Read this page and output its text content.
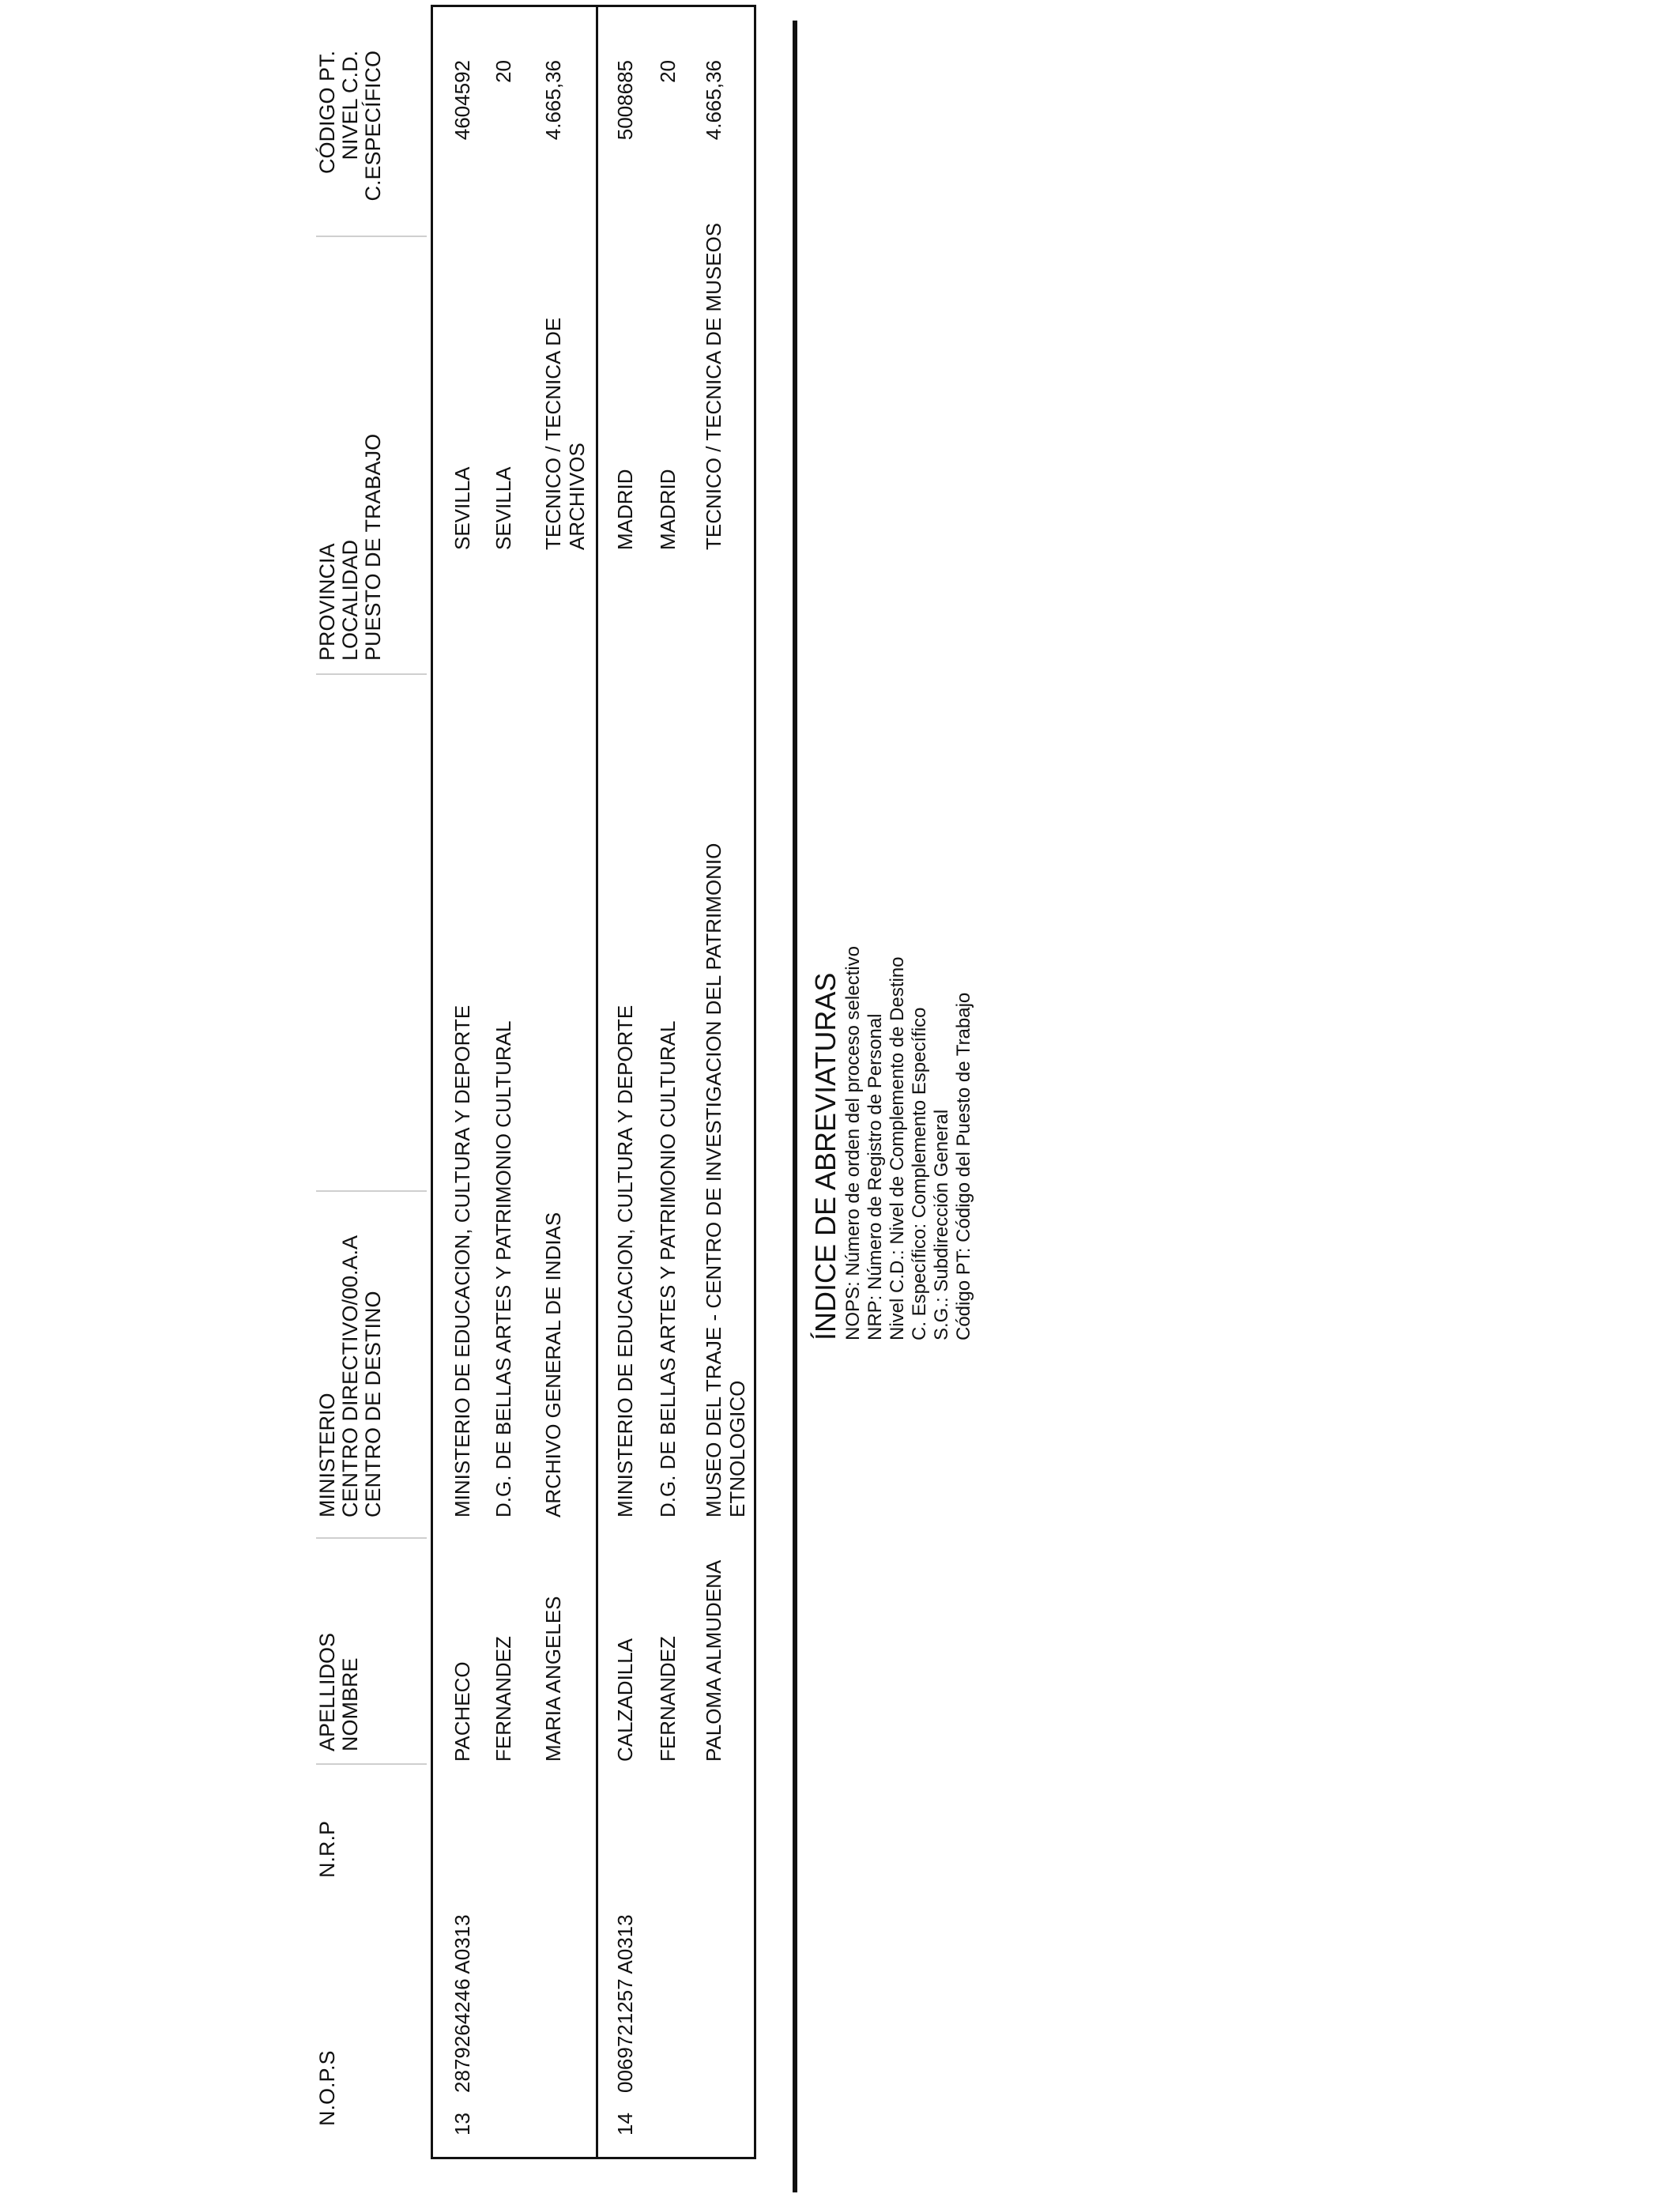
N.O.P.S
N.R.P
APELLIDOS NOMBRE
MINISTERIO CENTRO DIRECTIVO/00.A.A CENTRO DE DESTINO
PROVINCIA LOCALIDAD PUESTO DE TRABAJO
CÓDIGO PT. NIVEL C.D. C.ESPECÍFICO
13
2879264246 A0313
PACHECO FERNANDEZ MARIA ANGELES
MINISTERIO DE EDUCACION, CULTURA Y DEPORTE D.G. DE BELLAS ARTES Y PATRIMONIO CULTURAL ARCHIVO GENERAL DE INDIAS
SEVILLA SEVILLA TECNICO / TECNICA DE ARCHIVOS
4604592 20 4.665,36
14
0069721257 A0313
CALZADILLA FERNANDEZ PALOMA ALMUDENA
MINISTERIO DE EDUCACION, CULTURA Y DEPORTE D.G. DE BELLAS ARTES Y PATRIMONIO CULTURAL MUSEO DEL TRAJE - CENTRO DE INVESTIGACION DEL PATRIMONIO ETNOLOGICO
MADRID MADRID TECNICO / TECNICA DE MUSEOS
5008685 20 4.665,36
ÍNDICE DE ABREVIATURAS NOPS: Número de orden del proceso selectivo NRP: Número de Registro de Personal Nivel C.D.: Nivel de Complemento de Destino C. Específico: Complemento Específico S.G.: Subdirección General Código PT: Código del Puesto de Trabajo
